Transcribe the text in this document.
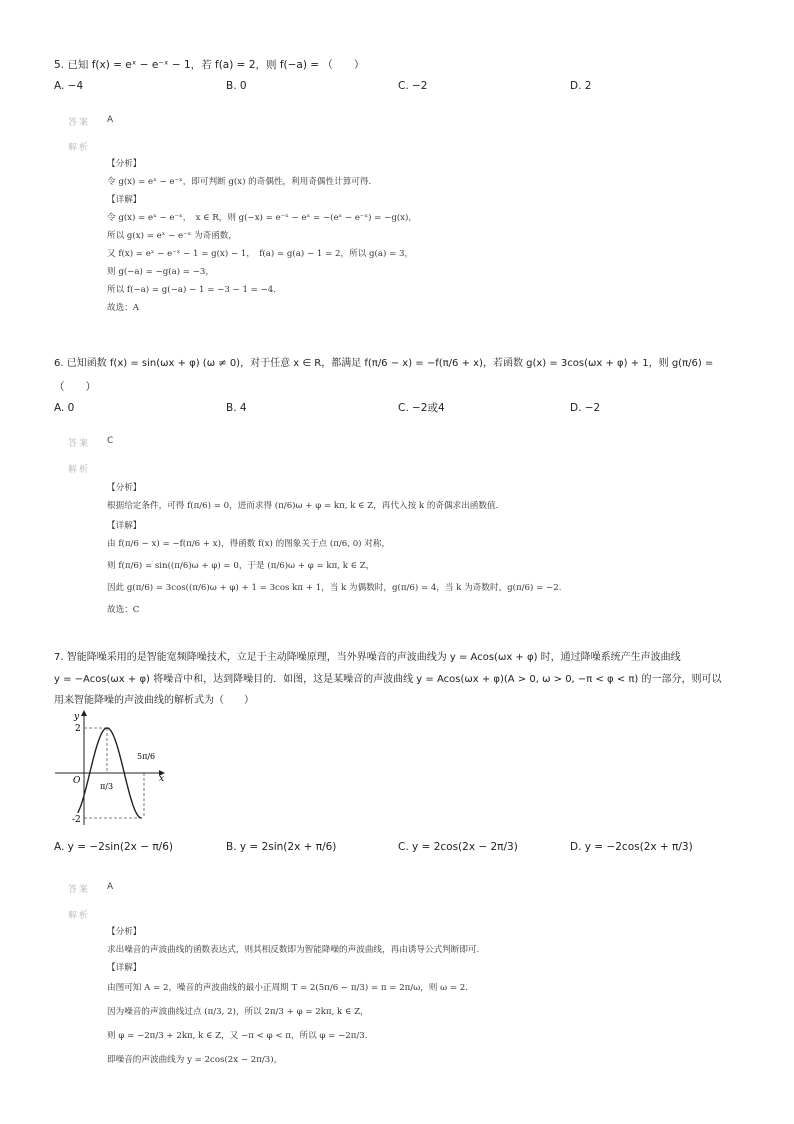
5. 已知 f(x) = eˣ − e⁻ˣ − 1，若 f(a) = 2，则 f(−a) = （　　）
A. −4	B. 0	C. −2	D. 2
答案 A
解析
【分析】
令 g(x) = eˣ − e⁻ˣ，即可判断 g(x) 的奇偶性，利用奇偶性计算可得.
【详解】
令 g(x) = eˣ − e⁻ˣ，　x ∈ R，则 g(−x) = e⁻ˣ − eˣ = −(eˣ − e⁻ˣ) = −g(x)，
所以 g(x) = eˣ − e⁻ˣ 为奇函数，
又 f(x) = eˣ − e⁻ˣ − 1 = g(x) − 1，　f(a) = g(a) − 1 = 2，所以 g(a) = 3，
则 g(−a) = −g(a) = −3，
所以 f(−a) = g(−a) − 1 = −3 − 1 = −4.
故选：A
6. 已知函数 f(x) = sin(ωx + φ) (ω ≠ 0)，对于任意 x ∈ R，都满足 f(π/6 − x) = −f(π/6 + x)，若函数 g(x) = 3cos(ωx + φ) + 1，则 g(π/6) =
（　　）
A. 0	B. 4	C. −2或4	D. −2
答案 C
解析
【分析】
根据给定条件，可得 f(π/6) = 0，进而求得 (π/6)ω + φ = kπ, k ∈ Z，再代入按 k 的奇偶求出函数值.
【详解】
由 f(π/6 − x) = −f(π/6 + x)，得函数 f(x) 的图象关于点 (π/6, 0) 对称，
则 f(π/6) = sin((π/6)ω + φ) = 0，于是 (π/6)ω + φ = kπ, k ∈ Z，
因此 g(π/6) = 3cos((π/6)ω + φ) + 1 = 3cos kπ + 1，当 k 为偶数时，g(π/6) = 4，当 k 为奇数时，g(π/6) = −2.
故选：C
7. 智能降噪采用的是智能宽频降噪技术，立足于主动降噪原理，当外界噪音的声波曲线为 y = Acos(ωx + φ) 时，通过降噪系统产生声波曲线
y = −Acos(ωx + φ) 将噪音中和，达到降噪目的．如图，这是某噪音的声波曲线 y = Acos(ωx + φ)(A > 0, ω > 0, −π < φ < π) 的一部分，则可以
用来智能降噪的声波曲线的解析式为（　　）
y
x
O
2
-2
π/3
5π/6
A. y = −2sin(2x − π/6)	B. y = 2sin(2x + π/6)	C. y = 2cos(2x − 2π/3)	D. y = −2cos(2x + π/3)
答案 A
解析
【分析】
求出噪音的声波曲线的函数表达式，则其相反数即为智能降噪的声波曲线，再由诱导公式判断即可.
【详解】
由图可知 A = 2，噪音的声波曲线的最小正周期 T = 2(5π/6 − π/3) = π = 2π/ω，则 ω = 2.
因为噪音的声波曲线过点 (π/3, 2)，所以 2π/3 + φ = 2kπ, k ∈ Z，
则 φ = −2π/3 + 2kπ, k ∈ Z，又 −π < φ < π，所以 φ = −2π/3.
即噪音的声波曲线为 y = 2cos(2x − 2π/3)，
